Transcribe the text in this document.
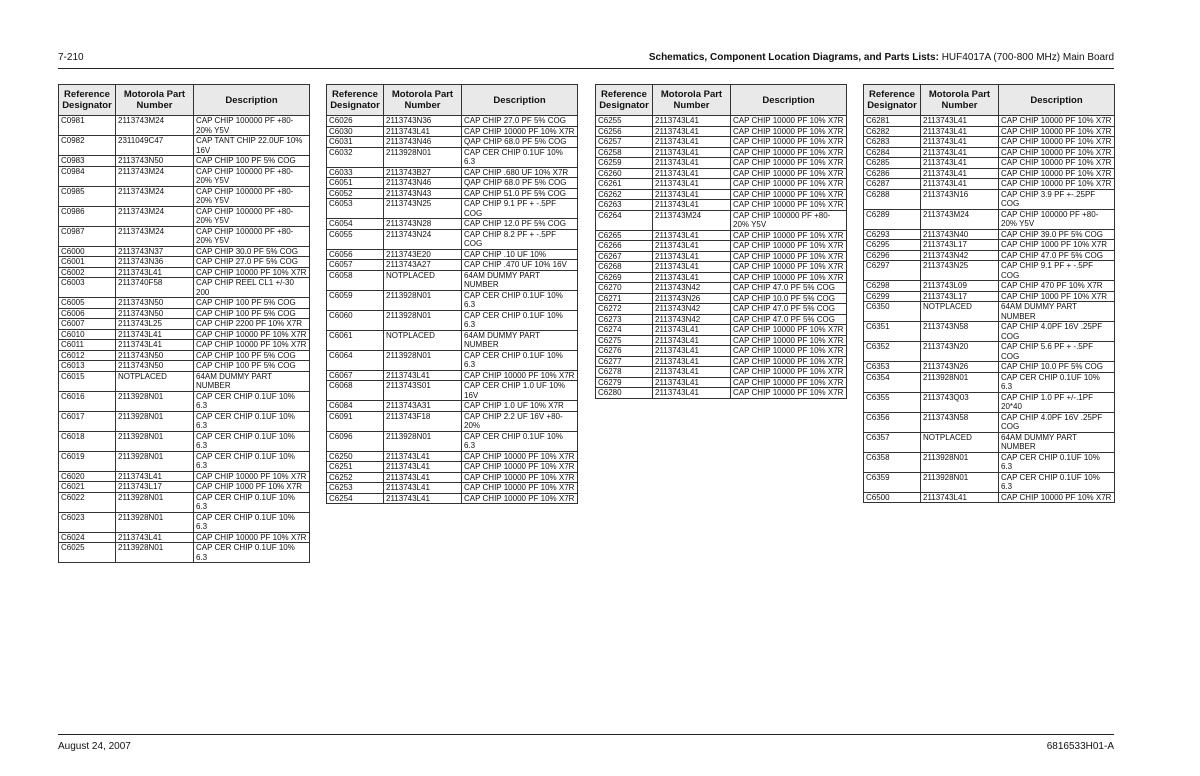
7-210	Schematics, Component Location Diagrams, and Parts Lists: HUF4017A (700-800 MHz) Main Board
Reference Designator	Motorola Part Number	Description
C0981	2113743M24	CAP CHIP 100000 PF +80-20% Y5V
C0982	2311049C47	CAP TANT CHIP 22.0UF 10% 16V
C0983	2113743N50	CAP CHIP 100 PF 5% COG
C0984	2113743M24	CAP CHIP 100000 PF +80-20% Y5V
C0985	2113743M24	CAP CHIP 100000 PF +80-20% Y5V
C0986	2113743M24	CAP CHIP 100000 PF +80-20% Y5V
C0987	2113743M24	CAP CHIP 100000 PF +80-20% Y5V
C6000	2113743N37	CAP CHIP 30.0 PF 5% COG
C6001	2113743N36	CAP CHIP 27.0 PF 5% COG
C6002	2113743L41	CAP CHIP 10000 PF 10% X7R
C6003	2113740F58	CAP CHIP REEL CL1 +/-30 200
C6005	2113743N50	CAP CHIP 100 PF 5% COG
C6006	2113743N50	CAP CHIP 100 PF 5% COG
C6007	2113743L25	CAP CHIP 2200 PF 10% X7R
C6010	2113743L41	CAP CHIP 10000 PF 10% X7R
C6011	2113743L41	CAP CHIP 10000 PF 10% X7R
C6012	2113743N50	CAP CHIP 100 PF 5% COG
C6013	2113743N50	CAP CHIP 100 PF 5% COG
C6015	NOTPLACED	64AM DUMMY PART NUMBER
C6016	2113928N01	CAP CER CHIP 0.1UF 10% 6.3
C6017	2113928N01	CAP CER CHIP 0.1UF 10% 6.3
C6018	2113928N01	CAP CER CHIP 0.1UF 10% 6.3
C6019	2113928N01	CAP CER CHIP 0.1UF 10% 6.3
C6020	2113743L41	CAP CHIP 10000 PF 10% X7R
C6021	2113743L17	CAP CHIP 1000 PF 10% X7R
C6022	2113928N01	CAP CER CHIP 0.1UF 10% 6.3
C6023	2113928N01	CAP CER CHIP 0.1UF 10% 6.3
C6024	2113743L41	CAP CHIP 10000 PF 10% X7R
C6025	2113928N01	CAP CER CHIP 0.1UF 10% 6.3
Reference Designator	Motorola Part Number	Description
C6026	2113743N36	CAP CHIP 27.0 PF 5% COG
C6030	2113743L41	CAP CHIP 10000 PF 10% X7R
C6031	2113743N46	QAP CHIP 68.0 PF 5% COG
C6032	2113928N01	CAP CER CHIP 0.1UF 10% 6.3
C6033	2113743B27	CAP CHIP .680 UF 10% X7R
C6051	2113743N46	QAP CHIP 68.0 PF 5% COG
C6052	2113743N43	CAP CHIP 51.0 PF 5% COG
C6053	2113743N25	CAP CHIP 9.1 PF + -.5PF COG
C6054	2113743N28	CAP CHIP 12.0 PF 5% COG
C6055	2113743N24	CAP CHIP 8.2 PF + -.5PF COG
C6056	2113743E20	CAP CHIP .10 UF 10%
C6057	2113743A27	CAP CHIP .470 UF 10% 16V
C6058	NOTPLACED	64AM DUMMY PART NUMBER
C6059	2113928N01	CAP CER CHIP 0.1UF 10% 6.3
C6060	2113928N01	CAP CER CHIP 0.1UF 10% 6.3
C6061	NOTPLACED	64AM DUMMY PART NUMBER
C6064	2113928N01	CAP CER CHIP 0.1UF 10% 6.3
C6067	2113743L41	CAP CHIP 10000 PF 10% X7R
C6068	2113743S01	CAP CER CHIP 1.0 UF 10% 16V
C6084	2113743A31	CAP CHIP 1.0 UF 10% X7R
C6091	2113743F18	CAP CHIP 2.2 UF 16V +80-20%
C6096	2113928N01	CAP CER CHIP 0.1UF 10% 6.3
C6250	2113743L41	CAP CHIP 10000 PF 10% X7R
C6251	2113743L41	CAP CHIP 10000 PF 10% X7R
C6252	2113743L41	CAP CHIP 10000 PF 10% X7R
C6253	2113743L41	CAP CHIP 10000 PF 10% X7R
C6254	2113743L41	CAP CHIP 10000 PF 10% X7R
Reference Designator	Motorola Part Number	Description
C6255	2113743L41	CAP CHIP 10000 PF 10% X7R
C6256	2113743L41	CAP CHIP 10000 PF 10% X7R
C6257	2113743L41	CAP CHIP 10000 PF 10% X7R
C6258	2113743L41	CAP CHIP 10000 PF 10% X7R
C6259	2113743L41	CAP CHIP 10000 PF 10% X7R
C6260	2113743L41	CAP CHIP 10000 PF 10% X7R
C6261	2113743L41	CAP CHIP 10000 PF 10% X7R
C6262	2113743L41	CAP CHIP 10000 PF 10% X7R
C6263	2113743L41	CAP CHIP 10000 PF 10% X7R
C6264	2113743M24	CAP CHIP 100000 PF +80-20% Y5V
C6265	2113743L41	CAP CHIP 10000 PF 10% X7R
C6266	2113743L41	CAP CHIP 10000 PF 10% X7R
C6267	2113743L41	CAP CHIP 10000 PF 10% X7R
C6268	2113743L41	CAP CHIP 10000 PF 10% X7R
C6269	2113743L41	CAP CHIP 10000 PF 10% X7R
C6270	2113743N42	CAP CHIP 47.0 PF 5% COG
C6271	2113743N26	CAP CHIP 10.0 PF 5% COG
C6272	2113743N42	CAP CHIP 47.0 PF 5% COG
C6273	2113743N42	CAP CHIP 47.0 PF 5% COG
C6274	2113743L41	CAP CHIP 10000 PF 10% X7R
C6275	2113743L41	CAP CHIP 10000 PF 10% X7R
C6276	2113743L41	CAP CHIP 10000 PF 10% X7R
C6277	2113743L41	CAP CHIP 10000 PF 10% X7R
C6278	2113743L41	CAP CHIP 10000 PF 10% X7R
C6279	2113743L41	CAP CHIP 10000 PF 10% X7R
C6280	2113743L41	CAP CHIP 10000 PF 10% X7R
Reference Designator	Motorola Part Number	Description
C6281	2113743L41	CAP CHIP 10000 PF 10% X7R
C6282	2113743L41	CAP CHIP 10000 PF 10% X7R
C6283	2113743L41	CAP CHIP 10000 PF 10% X7R
C6284	2113743L41	CAP CHIP 10000 PF 10% X7R
C6285	2113743L41	CAP CHIP 10000 PF 10% X7R
C6286	2113743L41	CAP CHIP 10000 PF 10% X7R
C6287	2113743L41	CAP CHIP 10000 PF 10% X7R
C6288	2113743N16	CAP CHIP 3.9 PF +-.25PF COG
C6289	2113743M24	CAP CHIP 100000 PF +80-20% Y5V
C6293	2113743N40	CAP CHIP 39.0 PF 5% COG
C6295	2113743L17	CAP CHIP 1000 PF 10% X7R
C6296	2113743N42	CAP CHIP 47.0 PF 5% COG
C6297	2113743N25	CAP CHIP 9.1 PF + -.5PF COG
C6298	2113743L09	CAP CHIP 470 PF 10% X7R
C6299	2113743L17	CAP CHIP 1000 PF 10% X7R
C6350	NOTPLACED	64AM DUMMY PART NUMBER
C6351	2113743N58	CAP CHIP 4.0PF 16V .25PF COG
C6352	2113743N20	CAP CHIP 5.6 PF + -.5PF COG
C6353	2113743N26	CAP CHIP 10.0 PF 5% COG
C6354	2113928N01	CAP CER CHIP 0.1UF 10% 6.3
C6355	2113743Q03	CAP CHIP 1.0 PF +/-.1PF 20*40
C6356	2113743N58	CAP CHIP 4.0PF 16V .25PF COG
C6357	NOTPLACED	64AM DUMMY PART NUMBER
C6358	2113928N01	CAP CER CHIP 0.1UF 10% 6.3
C6359	2113928N01	CAP CER CHIP 0.1UF 10% 6.3
C6500	2113743L41	CAP CHIP 10000 PF 10% X7R
August 24, 2007	6816533H01-A
